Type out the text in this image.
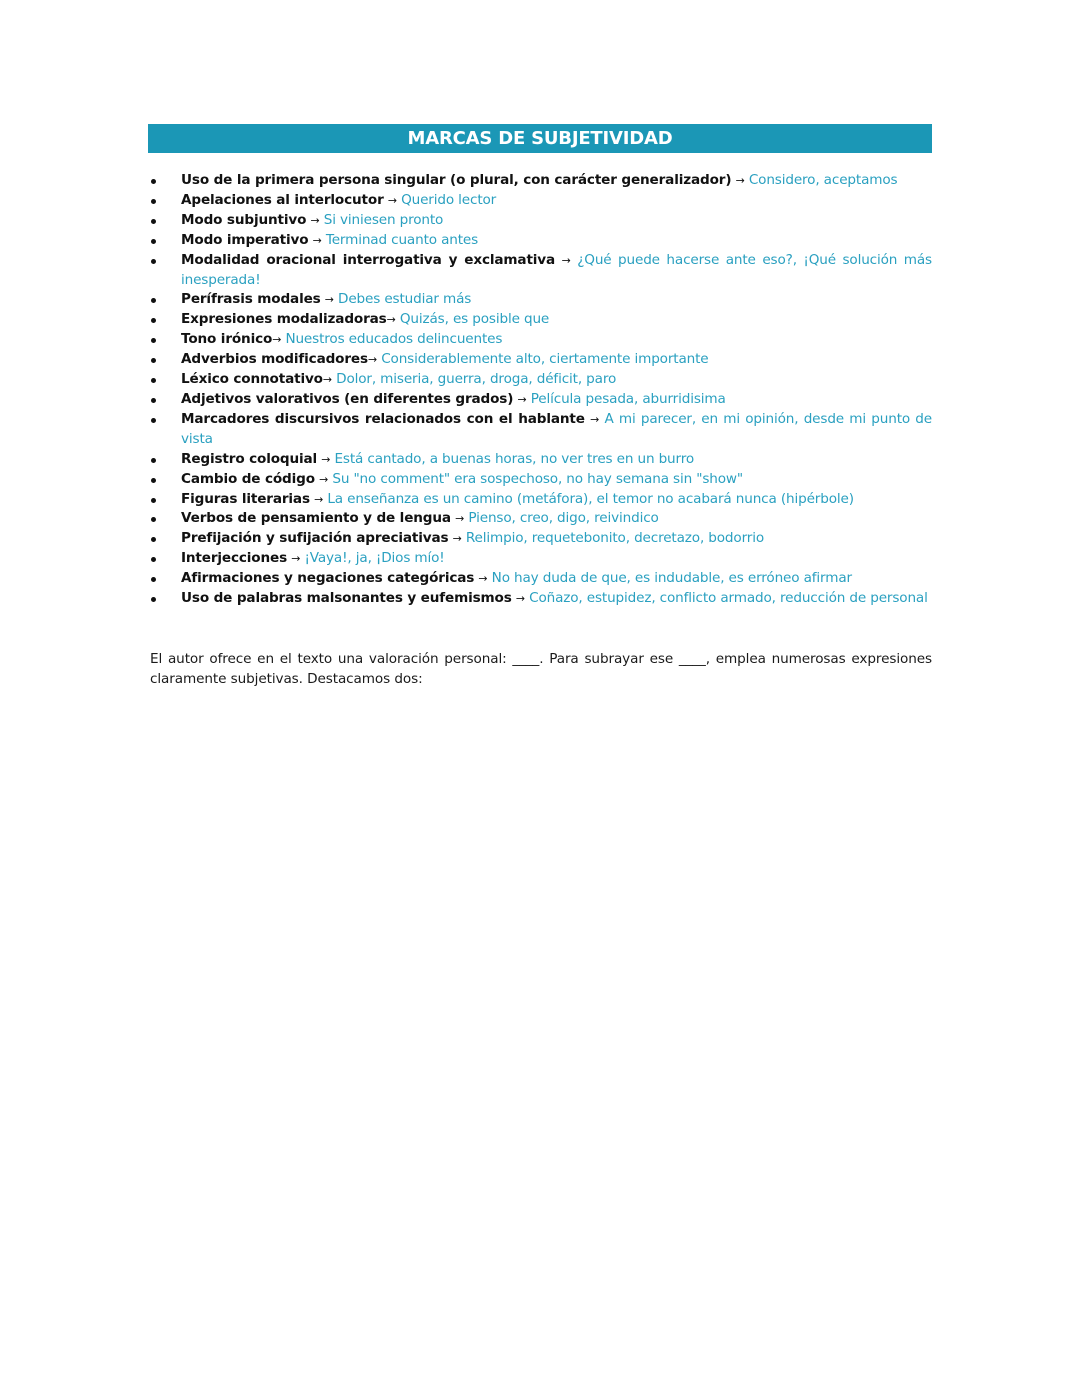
MARCAS DE SUBJETIVIDAD
Uso de la primera persona singular (o plural, con carácter generalizador) → Considero, aceptamos
Apelaciones al interlocutor → Querido lector
Modo subjuntivo → Si viniesen pronto
Modo imperativo → Terminad cuanto antes
Modalidad oracional interrogativa y exclamativa → ¿Qué puede hacerse ante eso?, ¡Qué solución más inesperada!
Perífrasis modales → Debes estudiar más
Expresiones modalizadoras→ Quizás, es posible que
Tono irónico→ Nuestros educados delincuentes
Adverbios modificadores→ Considerablemente alto, ciertamente importante
Léxico connotativo→ Dolor, miseria, guerra, droga, déficit, paro
Adjetivos valorativos (en diferentes grados) → Película pesada, aburridisima
Marcadores discursivos relacionados con el hablante → A mi parecer, en mi opinión, desde mi punto de vista
Registro coloquial → Está cantado, a buenas horas, no ver tres en un burro
Cambio de código → Su "no comment" era sospechoso, no hay semana sin "show"
Figuras literarias → La enseñanza es un camino (metáfora), el temor no acabará nunca (hipérbole)
Verbos de pensamiento y de lengua → Pienso, creo, digo, reivindico
Prefijación y sufijación apreciativas → Relimpio, requetebonito, decretazo, bodorrio
Interjecciones → ¡Vaya!, ja, ¡Dios mío!
Afirmaciones y negaciones categóricas → No hay duda de que, es indudable, es erróneo afirmar
Uso de palabras malsonantes y eufemismos → Coñazo, estupidez, conflicto armado, reducción de personal

El autor ofrece en el texto una valoración personal: ____. Para subrayar ese ____, emplea numerosas expresiones claramente subjetivas. Destacamos dos:
